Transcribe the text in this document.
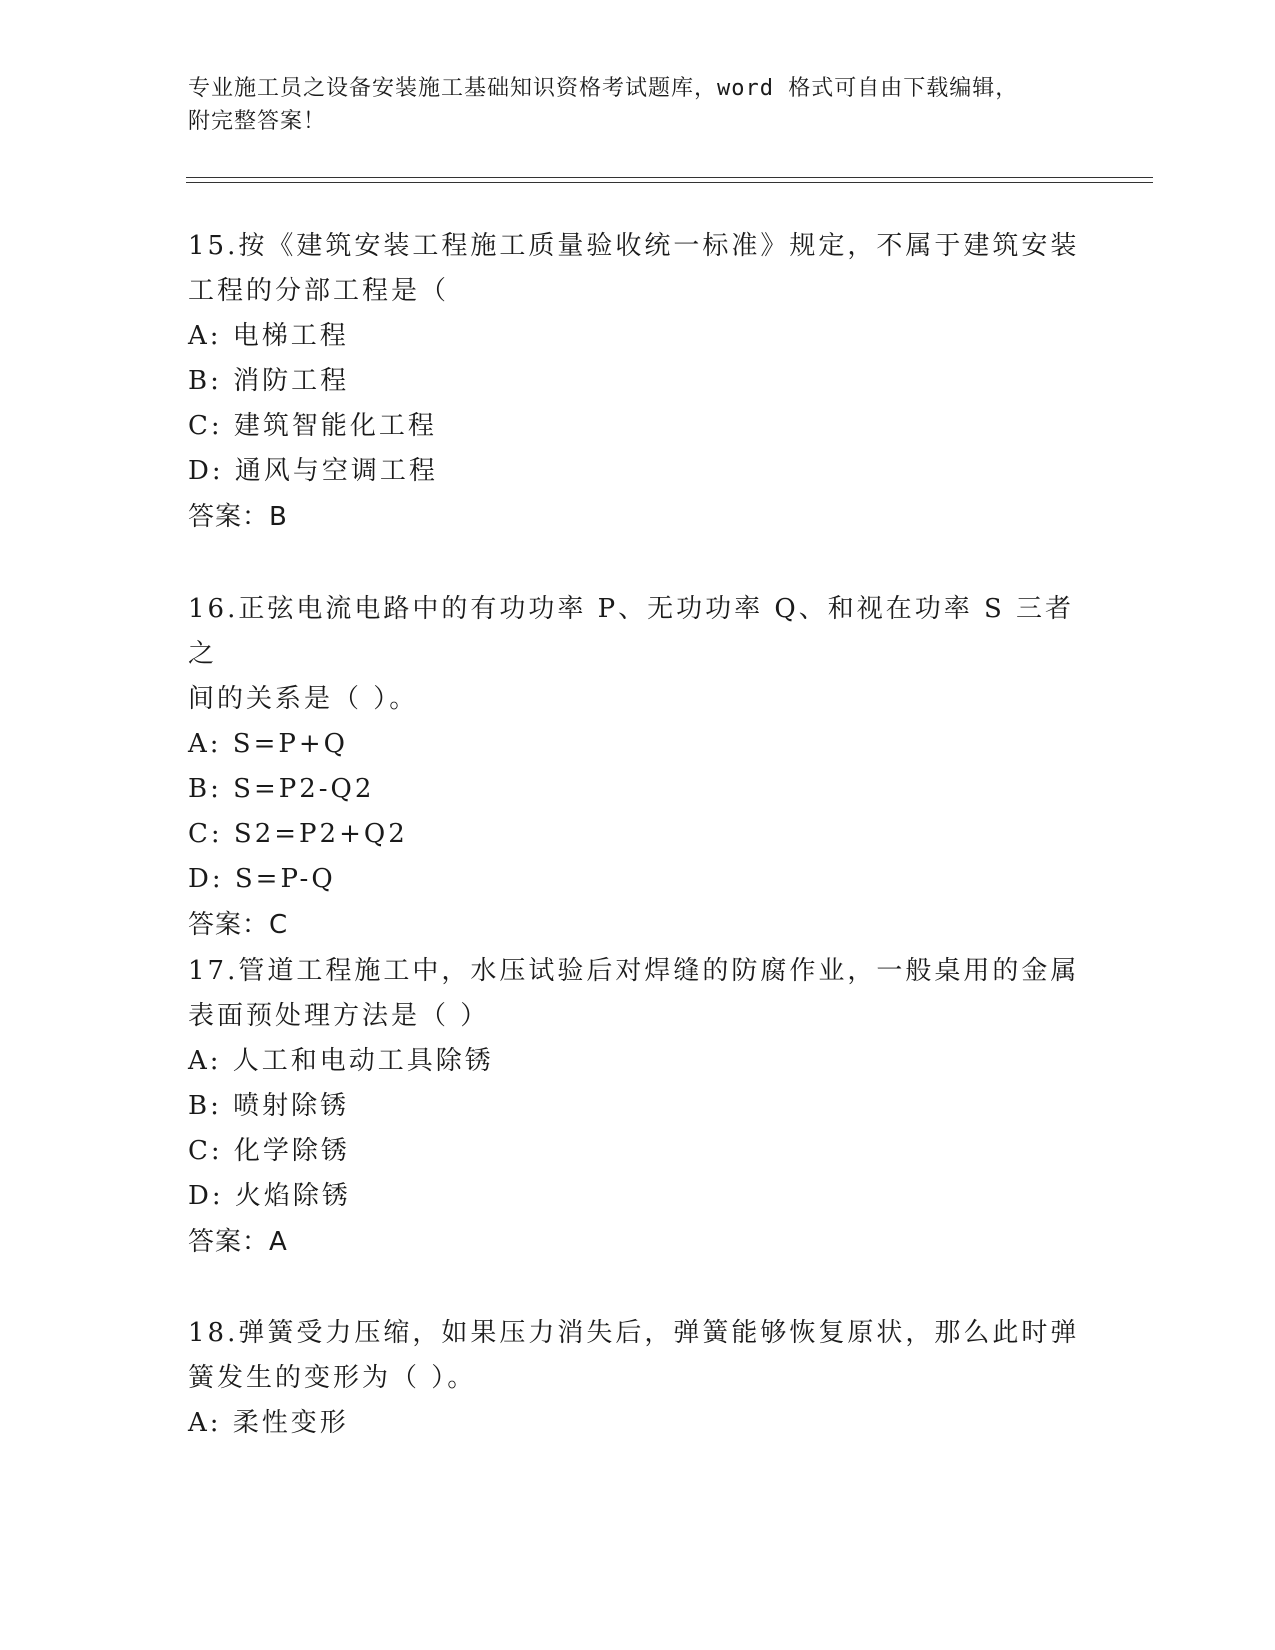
专业施工员之设备安装施工基础知识资格考试题库，word 格式可自由下载编辑，
附完整答案！

15.按《建筑安装工程施工质量验收统一标准》规定，不属于建筑安装
工程的分部工程是（

A: 电梯工程

B: 消防工程

C: 建筑智能化工程

D: 通风与空调工程

答案：B

16.正弦电流电路中的有功功率 P、无功功率 Q、和视在功率 S 三者之
间的关系是（ ）。

A: S=P+Q

B: S=P2-Q2

C: S2=P2+Q2

D: S=P-Q

答案：C

17.管道工程施工中，水压试验后对焊缝的防腐作业，一般桌用的金属
表面预处理方法是（ ）

A: 人工和电动工具除锈

B: 喷射除锈

C: 化学除锈

D: 火焰除锈

答案：A

18.弹簧受力压缩，如果压力消失后，弹簧能够恢复原状，那么此时弹
簧发生的变形为（ ）。

A: 柔性变形
